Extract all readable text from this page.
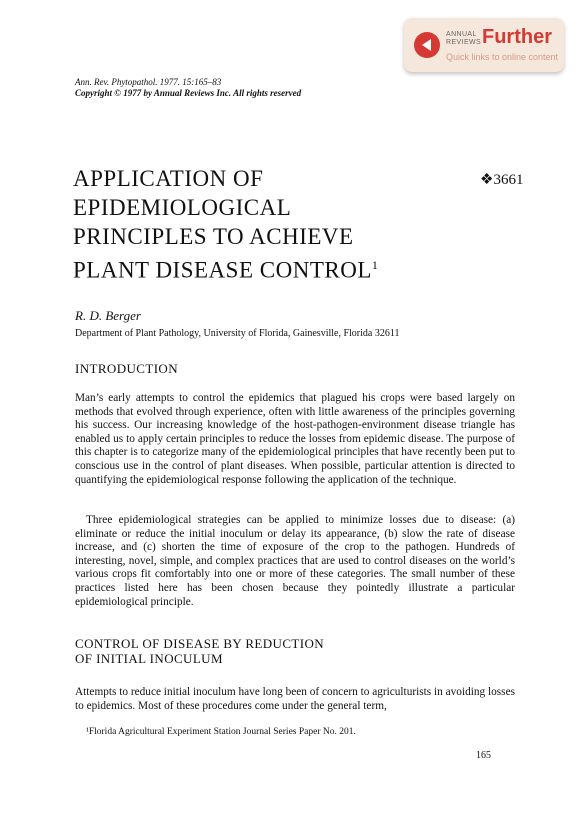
ANNUAL
REVIEWS Further
Quick links to online content
Ann. Rev. Phytopathol. 1977. 15:165–83
Copyright © 1977 by Annual Reviews Inc. All rights reserved
APPLICATION OF
EPIDEMIOLOGICAL
PRINCIPLES TO ACHIEVE
PLANT DISEASE CONTROL$^1$
❖3661
R. D. Berger
Department of Plant Pathology, University of Florida, Gainesville, Florida 32611
INTRODUCTION

Man’s early attempts to control the epidemics that plagued his crops were based largely on methods that evolved through experience, often with little awareness of the principles governing his success. Our increasing knowledge of the host-pathogen-environment disease triangle has enabled us to apply certain principles to reduce the losses from epidemic disease. The purpose of this chapter is to categorize many of the epidemiological principles that have recently been put to conscious use in the control of plant diseases. When possible, particular attention is directed to quantifying the epidemiological response following the application of the technique.

Three epidemiological strategies can be applied to minimize losses due to disease: (a) eliminate or reduce the initial inoculum or delay its appearance, (b) slow the rate of disease increase, and (c) shorten the time of exposure of the crop to the pathogen. Hundreds of interesting, novel, simple, and complex practices that are used to control diseases on the world’s various crops fit comfortably into one or more of these categories. The small number of these practices listed here has been chosen because they pointedly illustrate a particular epidemiological principle.

CONTROL OF DISEASE BY REDUCTION
OF INITIAL INOCULUM

Attempts to reduce initial inoculum have long been of concern to agriculturists in avoiding losses to epidemics. Most of these procedures come under the general term,

¹Florida Agricultural Experiment Station Journal Series Paper No. 201.
165
